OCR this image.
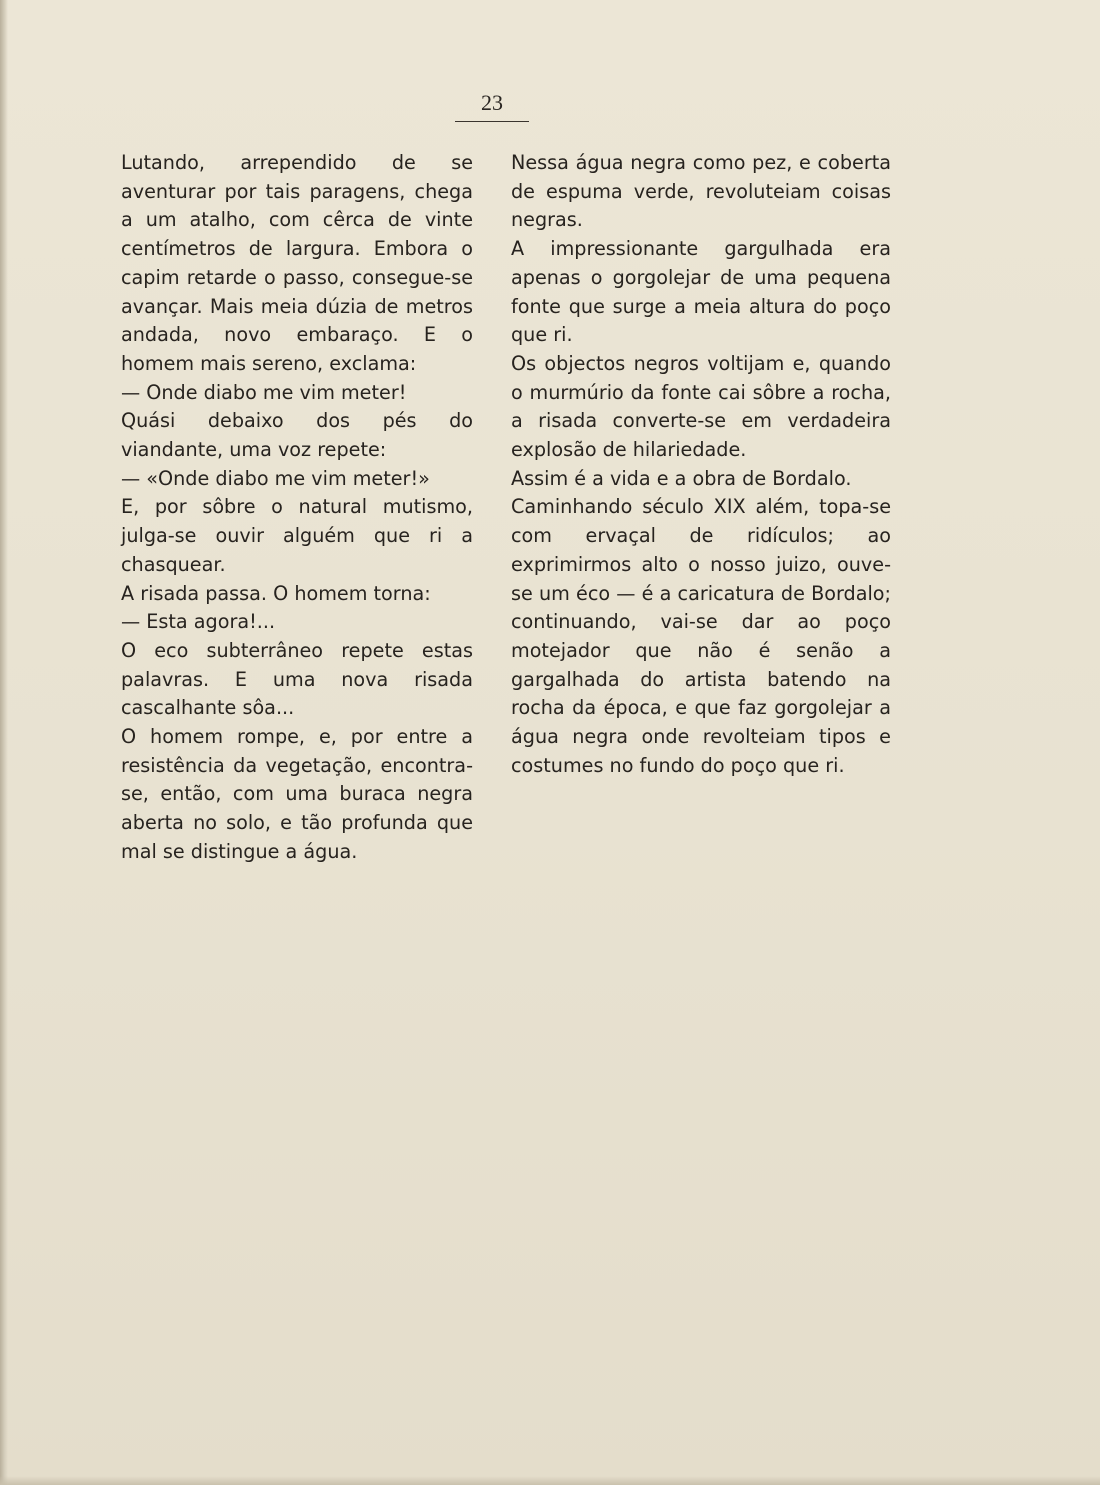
23

Lutando, arrependido de se aventurar por tais paragens, chega a um atalho, com cêrca de vinte centímetros de largura. Embora o capim retarde o passo, consegue-se avançar. Mais meia dúzia de metros andada, novo embaraço. E o homem mais sereno, exclama:

— Onde diabo me vim meter!

Quási debaixo dos pés do viandante, uma voz repete:

— «Onde diabo me vim meter!»

E, por sôbre o natural mutismo, julga-se ouvir alguém que ri a chasquear.

A risada passa. O homem torna:

— Esta agora!...

O eco subterrâneo repete estas palavras. E uma nova risada cascalhante sôa...

O homem rompe, e, por entre a resistência da vegetação, encontra-se, então, com uma buraca negra aberta no solo, e tão profunda que mal se distingue a água.

Nessa água negra como pez, e coberta de espuma verde, revoluteiam coisas negras.

A impressionante gargulhada era apenas o gorgolejar de uma pequena fonte que surge a meia altura do poço que ri.

Os objectos negros voltijam e, quando o murmúrio da fonte cai sôbre a rocha, a risada converte-se em verdadeira explosão de hilariedade.

Assim é a vida e a obra de Bordalo.

Caminhando século XIX além, topa-se com ervaçal de ridículos; ao exprimirmos alto o nosso juizo, ouve-se um éco — é a caricatura de Bordalo; continuando, vai-se dar ao poço motejador que não é senão a gargalhada do artista batendo na rocha da época, e que faz gorgolejar a água negra onde revolteiam tipos e costumes no fundo do poço que ri.
